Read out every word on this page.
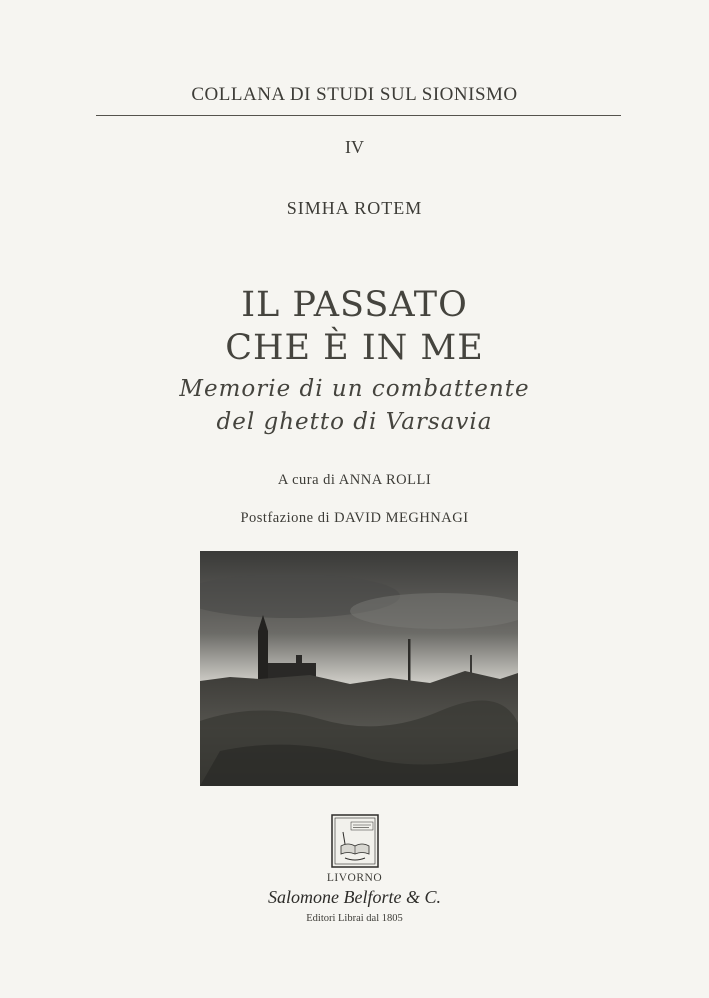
COLLANA DI STUDI SUL SIONISMO
IV
SIMHA ROTEM
IL PASSATO
CHE È IN ME
Memorie di un combattente
del ghetto di Varsavia
A cura di ANNA ROLLI
Postfazione di DAVID MEGHNAGI
LIVORNO
Salomone Belforte & C.
Editori Librai dal 1805
